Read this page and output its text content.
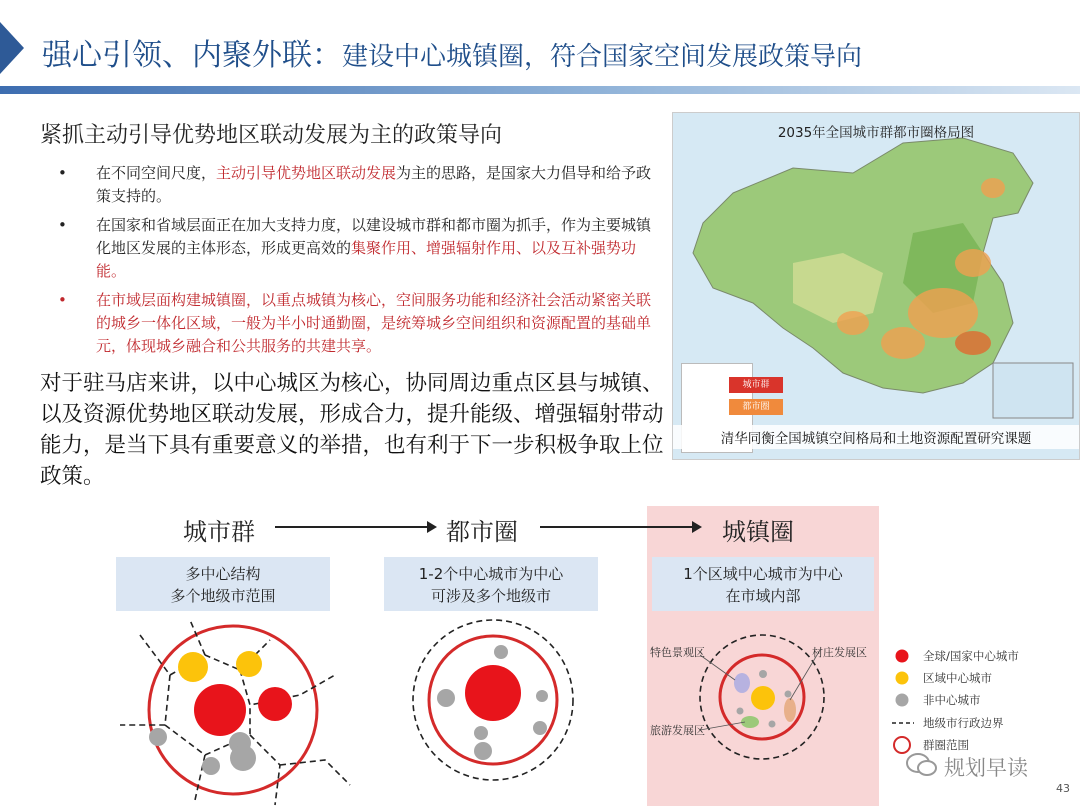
强心引领、内聚外联：建设中心城镇圈，符合国家空间发展政策导向
紧抓主动引导优势地区联动发展为主的政策导向
• 在不同空间尺度，主动引导优势地区联动发展为主的思路，是国家大力倡导和给予政策支持的。
• 在国家和省域层面正在加大支持力度，以建设城市群和都市圈为抓手，作为主要城镇化地区发展的主体形态，形成更高效的集聚作用、增强辐射作用、以及互补强势功能。
• 在市域层面构建城镇圈，以重点城镇为核心，空间服务功能和经济社会活动紧密关联的城乡一体化区域，一般为半小时通勤圈，是统筹城乡空间组织和资源配置的基础单元，体现城乡融合和公共服务的共建共享。
对于驻马店来讲，以中心城区为核心，协同周边重点区县与城镇、以及资源优势地区联动发展，形成合力，提升能级、增强辐射带动能力，是当下具有重要意义的举措，也有利于下一步积极争取上位政策。
2035年全国城市群都市圈格局图
城市群
都市圈
清华同衡全国城镇空间格局和土地资源配置研究课题
城市群	都市圈	城镇圈
多中心结构
多个地级市范围
1-2个中心城市为中心
可涉及多个地级市
1个区域中心城市为中心
在市域内部
特色景观区	村庄发展区
旅游发展区
全球/国家中心城市
区域中心城市
非中心城市
地级市行政边界
群圈范围
规划早读
43
